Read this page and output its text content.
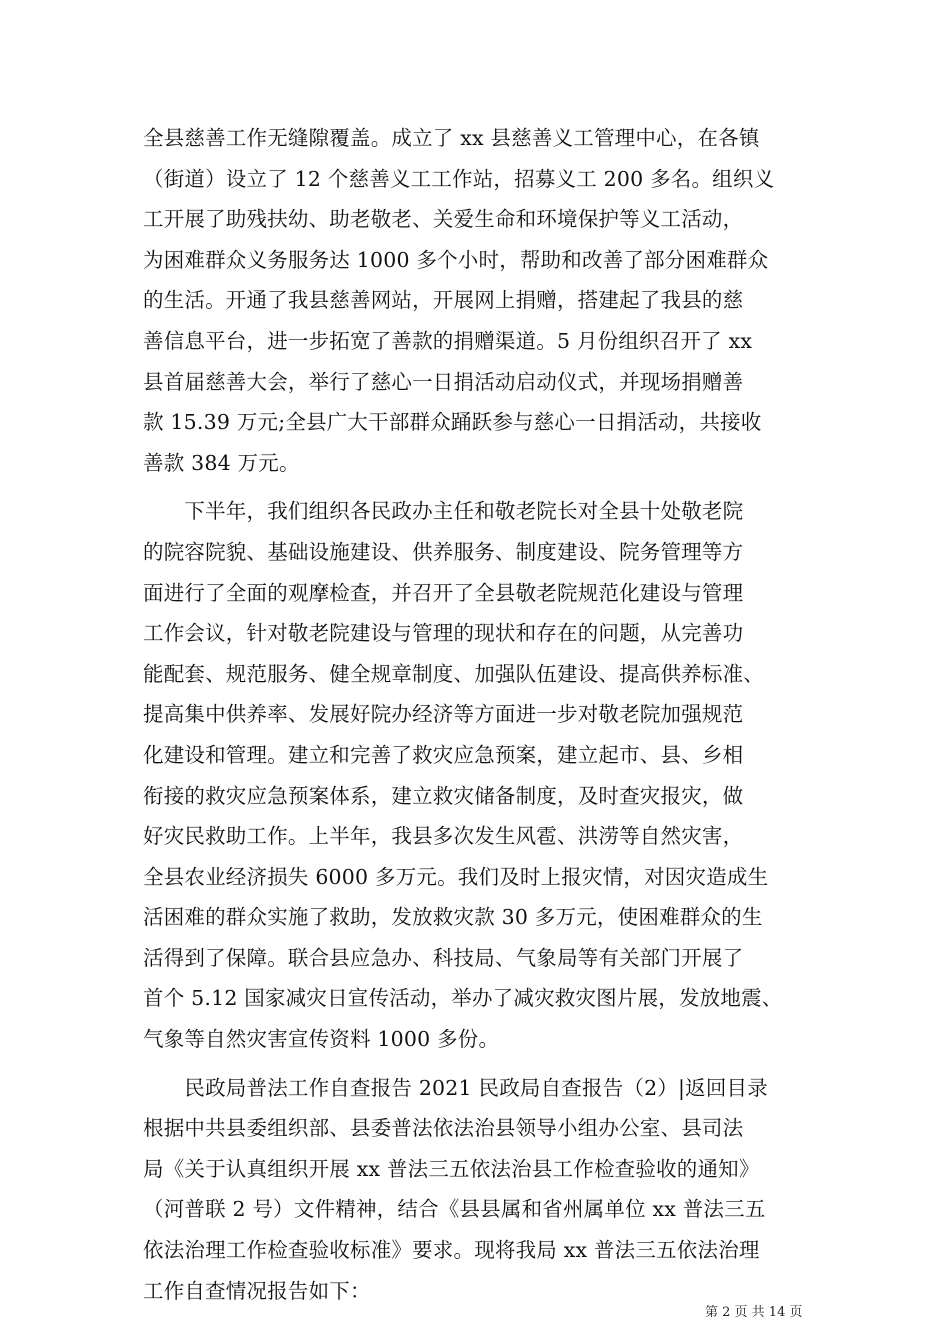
全县慈善工作无缝隙覆盖。成立了 xx 县慈善义工管理中心，在各镇
（街道）设立了 12 个慈善义工工作站，招募义工 200 多名。组织义
工开展了助残扶幼、助老敬老、关爱生命和环境保护等义工活动，
为困难群众义务服务达 1000 多个小时，帮助和改善了部分困难群众
的生活。开通了我县慈善网站，开展网上捐赠，搭建起了我县的慈
善信息平台，进一步拓宽了善款的捐赠渠道。5 月份组织召开了 xx
县首届慈善大会，举行了慈心一日捐活动启动仪式，并现场捐赠善
款 15.39 万元;全县广大干部群众踊跃参与慈心一日捐活动，共接收
善款 384 万元。
　　下半年，我们组织各民政办主任和敬老院长对全县十处敬老院
的院容院貌、基础设施建设、供养服务、制度建设、院务管理等方
面进行了全面的观摩检查，并召开了全县敬老院规范化建设与管理
工作会议，针对敬老院建设与管理的现状和存在的问题，从完善功
能配套、规范服务、健全规章制度、加强队伍建设、提高供养标准、
提高集中供养率、发展好院办经济等方面进一步对敬老院加强规范
化建设和管理。建立和完善了救灾应急预案，建立起市、县、乡相
衔接的救灾应急预案体系，建立救灾储备制度，及时查灾报灾，做
好灾民救助工作。上半年，我县多次发生风雹、洪涝等自然灾害，
全县农业经济损失 6000 多万元。我们及时上报灾情，对因灾造成生
活困难的群众实施了救助，发放救灾款 30 多万元，使困难群众的生
活得到了保障。联合县应急办、科技局、气象局等有关部门开展了
首个 5.12 国家减灾日宣传活动，举办了减灾救灾图片展，发放地震、
气象等自然灾害宣传资料 1000 多份。
　　民政局普法工作自查报告 2021 民政局自查报告（2）|返回目录
根据中共县委组织部、县委普法依法治县领导小组办公室、县司法
局《关于认真组织开展 xx 普法三五依法治县工作检查验收的通知》
（河普联 2 号）文件精神，结合《县县属和省州属单位 xx 普法三五
依法治理工作检查验收标准》要求。现将我局 xx 普法三五依法治理
工作自查情况报告如下：
第 2 页 共 14 页
